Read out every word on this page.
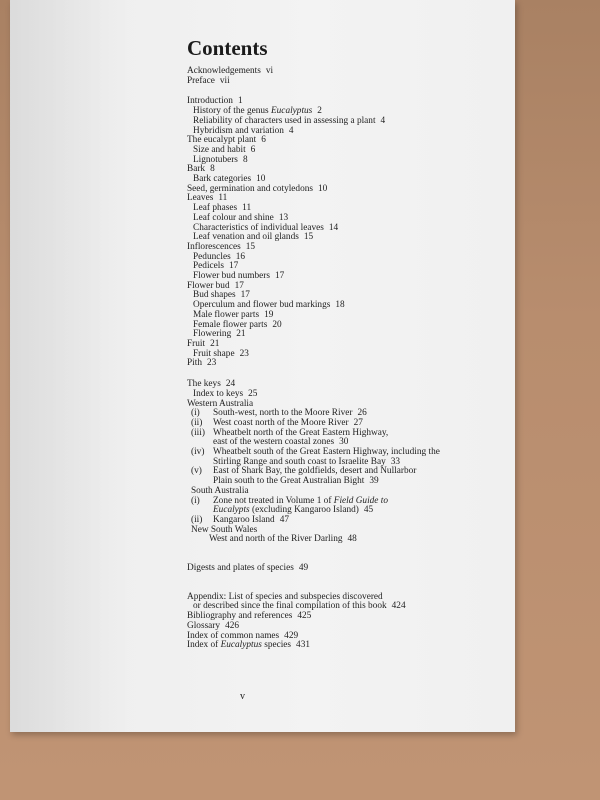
Contents
Acknowledgements vi
Preface vii
Introduction 1
History of the genus Eucalyptus 2
Reliability of characters used in assessing a plant 4
Hybridism and variation 4
The eucalypt plant 6
Size and habit 6
Lignotubers 8
Bark 8
Bark categories 10
Seed, germination and cotyledons 10
Leaves 11
Leaf phases 11
Leaf colour and shine 13
Characteristics of individual leaves 14
Leaf venation and oil glands 15
Inflorescences 15
Peduncles 16
Pedicels 17
Flower bud numbers 17
Flower bud 17
Bud shapes 17
Operculum and flower bud markings 18
Male flower parts 19
Female flower parts 20
Flowering 21
Fruit 21
Fruit shape 23
Pith 23
The keys 24
Index to keys 25
Western Australia
(i) South-west, north to the Moore River 26
(ii) West coast north of the Moore River 27
(iii) Wheatbelt north of the Great Eastern Highway,
east of the western coastal zones 30
(iv) Wheatbelt south of the Great Eastern Highway, including the
Stirling Range and south coast to Israelite Bay 33
(v) East of Shark Bay, the goldfields, desert and Nullarbor
Plain south to the Great Australian Bight 39
South Australia
(i) Zone not treated in Volume 1 of Field Guide to
Eucalypts (excluding Kangaroo Island) 45
(ii) Kangaroo Island 47
New South Wales
West and north of the River Darling 48
Digests and plates of species 49
Appendix: List of species and subspecies discovered
or described since the final compilation of this book 424
Bibliography and references 425
Glossary 426
Index of common names 429
Index of Eucalyptus species 431
v
